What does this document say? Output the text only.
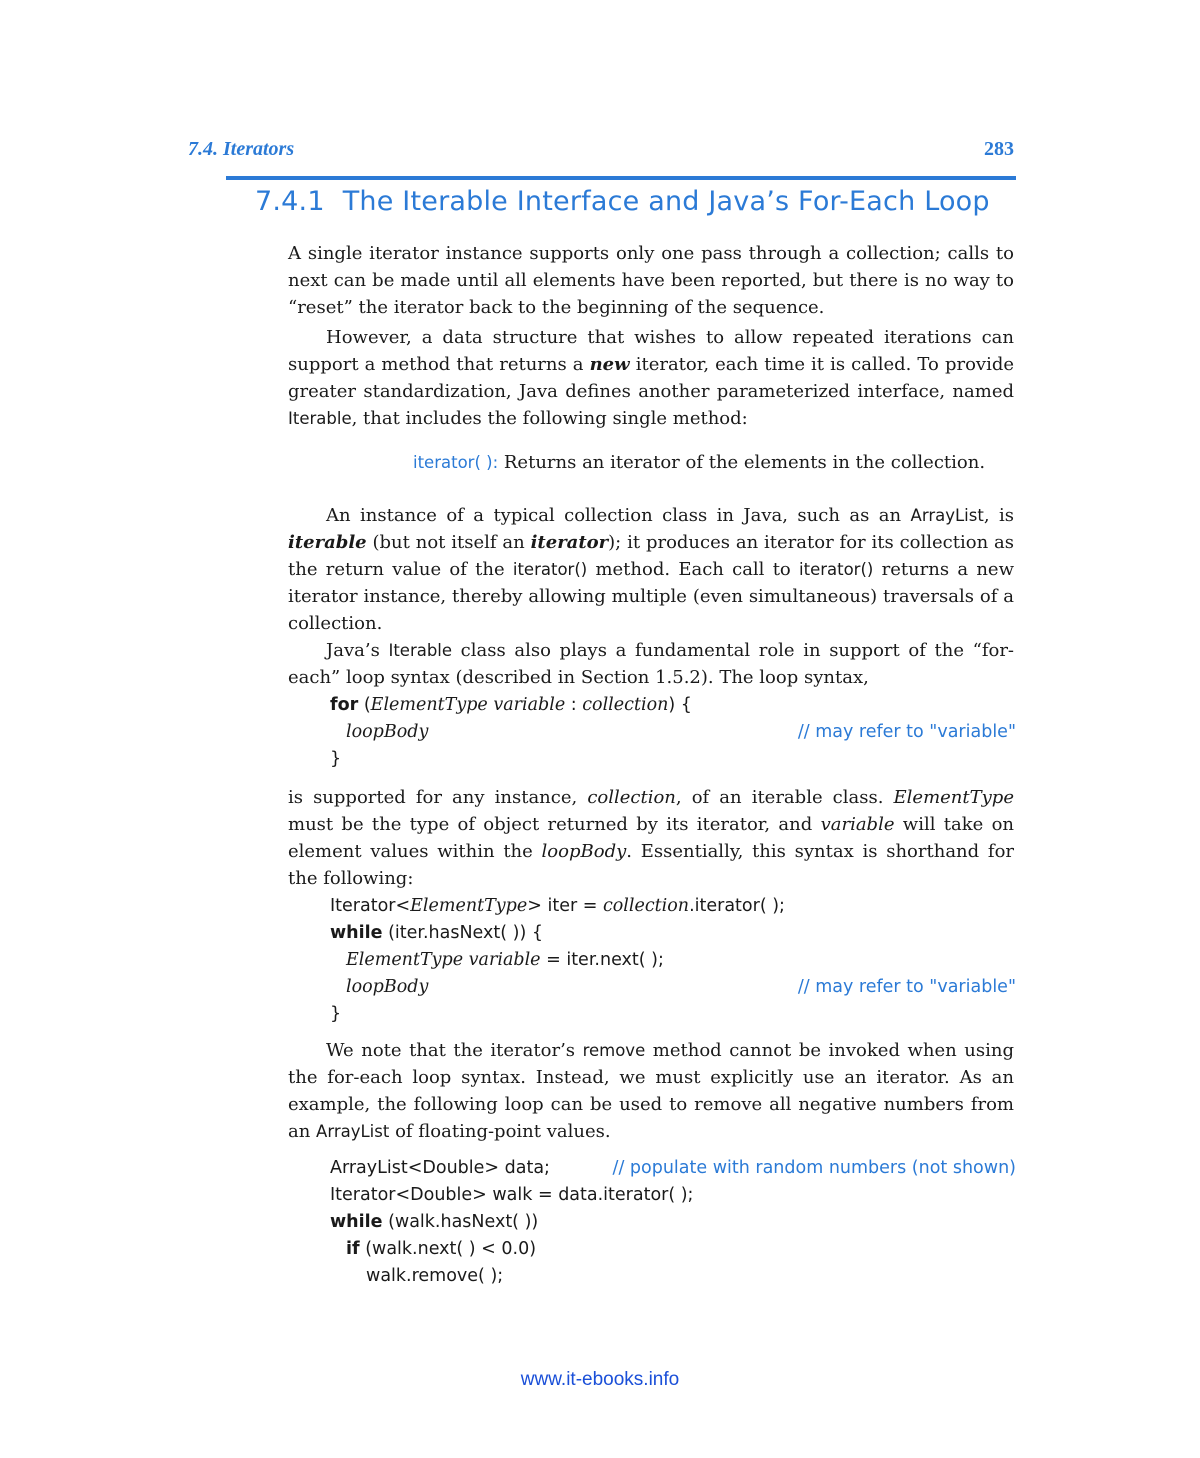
7.4. Iterators	283
7.4.1 The Iterable Interface and Java’s For-Each Loop

A single iterator instance supports only one pass through a collection; calls to next can be made until all elements have been reported, but there is no way to “reset” the iterator back to the beginning of the sequence.

However, a data structure that wishes to allow repeated iterations can support a method that returns a new iterator, each time it is called. To provide greater standardization, Java defines another parameterized interface, named Iterable, that includes the following single method:

iterator( ): Returns an iterator of the elements in the collection.

An instance of a typical collection class in Java, such as an ArrayList, is iterable (but not itself an iterator); it produces an iterator for its collection as the return value of the iterator() method. Each call to iterator() returns a new iterator instance, thereby allowing multiple (even simultaneous) traversals of a collection.

Java’s Iterable class also plays a fundamental role in support of the “for-each” loop syntax (described in Section 1.5.2). The loop syntax,

for (ElementType variable : collection) {
loopBody	// may refer to "variable"
}

is supported for any instance, collection, of an iterable class. ElementType must be the type of object returned by its iterator, and variable will take on element values within the loopBody. Essentially, this syntax is shorthand for the following:

Iterator<ElementType> iter = collection.iterator( );
while (iter.hasNext( )) {
ElementType variable = iter.next( );
loopBody	// may refer to "variable"
}

We note that the iterator’s remove method cannot be invoked when using the for-each loop syntax. Instead, we must explicitly use an iterator. As an example, the following loop can be used to remove all negative numbers from an ArrayList of floating-point values.

ArrayList<Double> data;	// populate with random numbers (not shown)
Iterator<Double> walk = data.iterator( );
while (walk.hasNext( ))
if (walk.next( ) < 0.0)
walk.remove( );
www.it-ebooks.info
